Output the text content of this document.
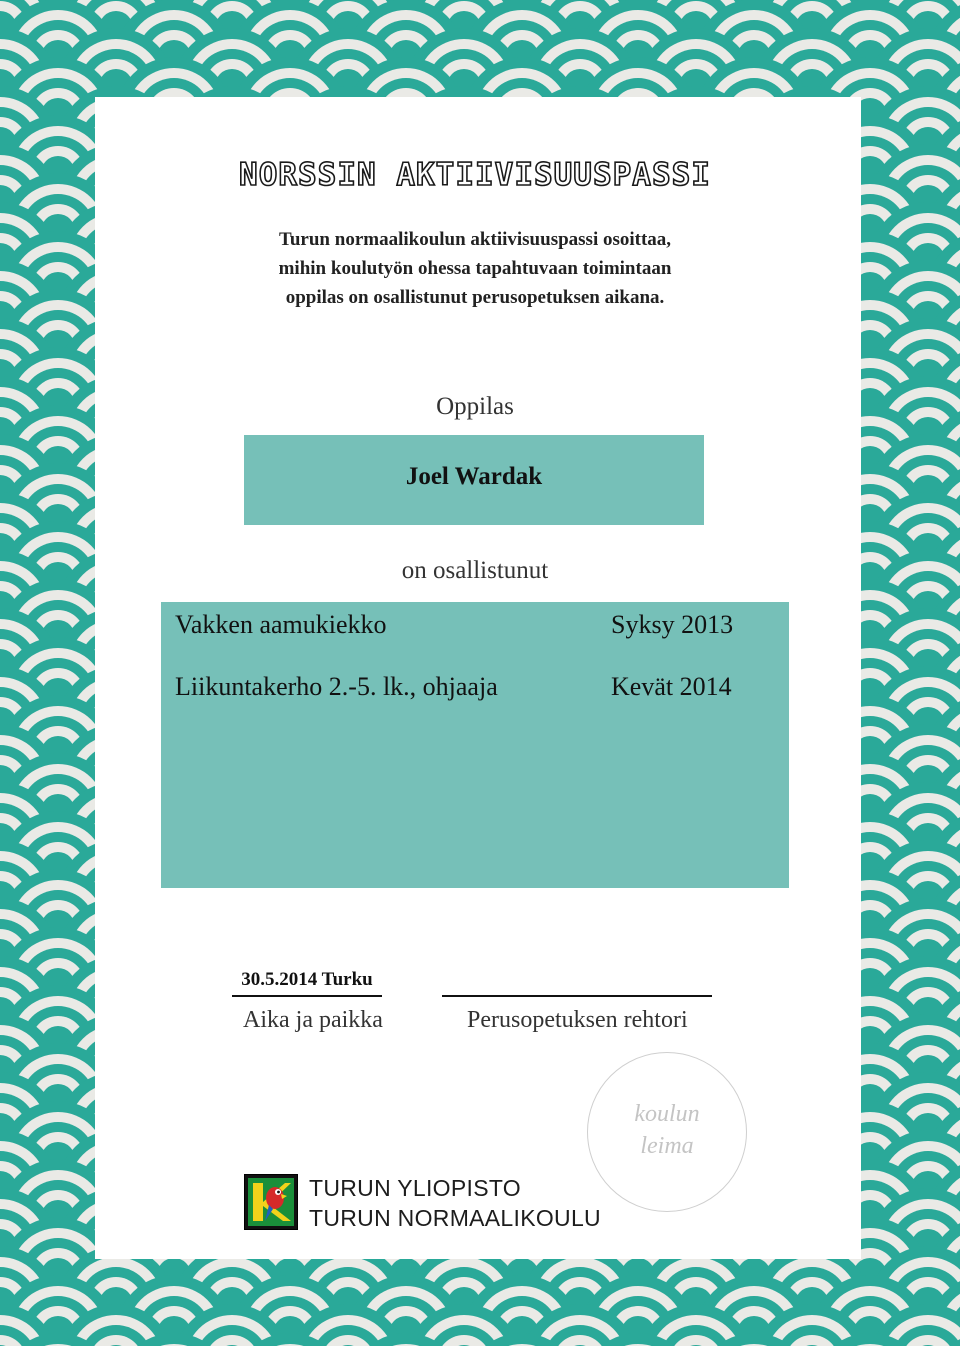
NORSSIN AKTIIVISUUSPASSI
Turun normaalikoulun aktiivisuuspassi osoittaa,
mihin koulutyön ohessa tapahtuvaan toimintaan
oppilas on osallistunut perusopetuksen aikana.
Oppilas
Joel Wardak
on osallistunut
Vakken aamukiekko	Syksy 2013
Liikuntakerho 2.-5. lk., ohjaaja	Kevät 2014
30.5.2014 Turku
Aika ja paikka	Perusopetuksen rehtori
koulun
leima
TURUN YLIOPISTO
TURUN NORMAALIKOULU
